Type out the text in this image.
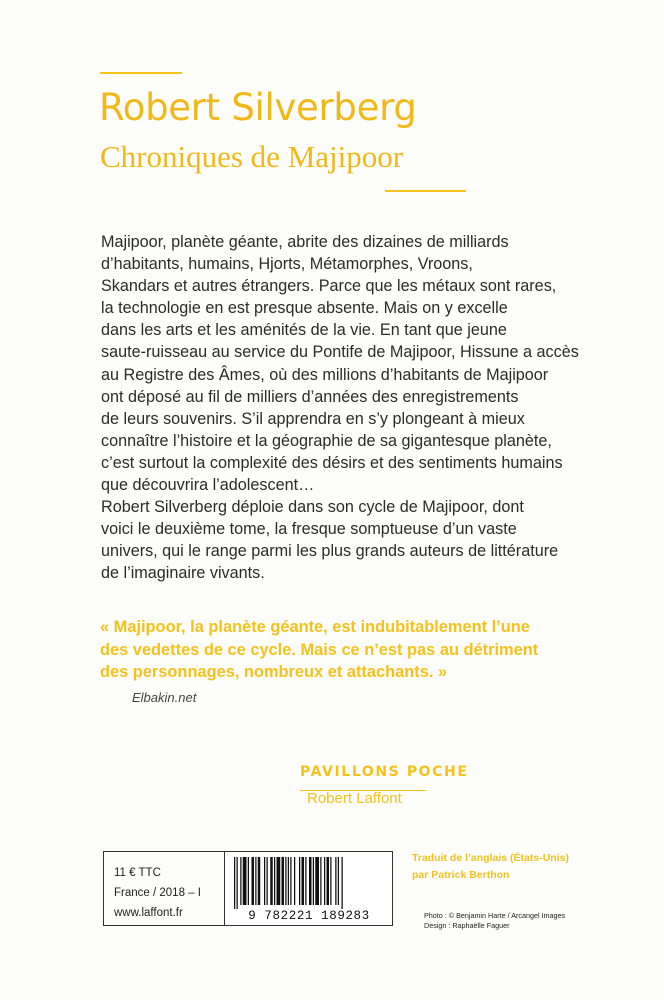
Robert Silverberg
Chroniques de Majipoor
Majipoor, planète géante, abrite des dizaines de milliards
d’habitants, humains, Hjorts, Métamorphes, Vroons,
Skandars et autres étrangers. Parce que les métaux sont rares,
la technologie en est presque absente. Mais on y excelle
dans les arts et les aménités de la vie. En tant que jeune
saute-ruisseau au service du Pontife de Majipoor, Hissune a accès
au Registre des Âmes, où des millions d’habitants de Majipoor
ont déposé au fil de milliers d’années des enregistrements
de leurs souvenirs. S’il apprendra en s’y plongeant à mieux
connaître l’histoire et la géographie de sa gigantesque planète,
c’est surtout la complexité des désirs et des sentiments humains
que découvrira l’adolescent…
Robert Silverberg déploie dans son cycle de Majipoor, dont
voici le deuxième tome, la fresque somptueuse d’un vaste
univers, qui le range parmi les plus grands auteurs de littérature
de l’imaginaire vivants.
« Majipoor, la planète géante, est indubitablement l’une
des vedettes de ce cycle. Mais ce n’est pas au détriment
des personnages, nombreux et attachants. »
Elbakin.net
PAVILLONS POCHE
Robert Laffont
11 € TTC
France / 2018 – I
www.laffont.fr	9 782221 189283
Traduit de l’anglais (États-Unis)
par Patrick Berthon
Photo : © Benjamin Harte / Arcangel Images
Design : Raphaëlle Faguer
